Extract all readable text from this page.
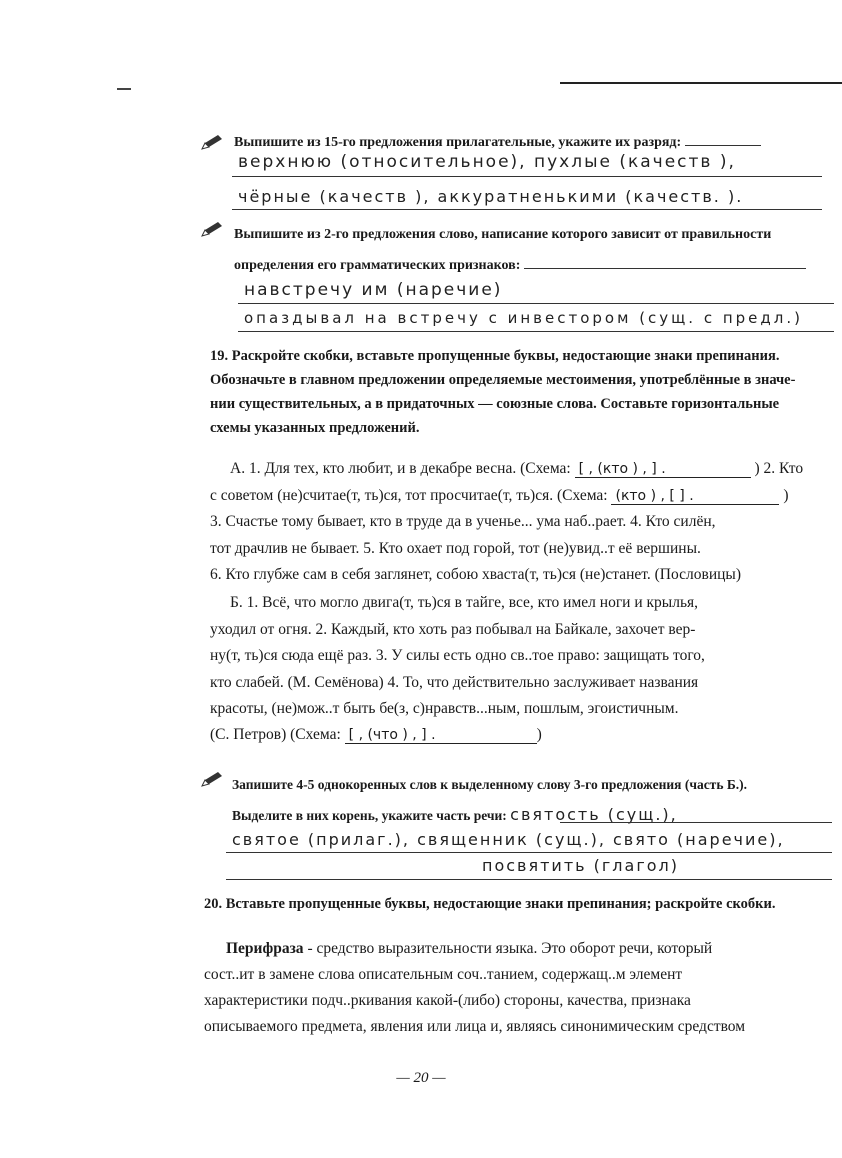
Выпишите из 15-го предложения прилагательные, укажите их разряд:
верхнюю (относительное), пухлые (качеств ),
чёрные (качеств ), аккуратненькими (качеств. ).
Выпишите из 2-го предложения слово, написание которого зависит от правильности
определения его грамматических признаков:
навстречу им (наречие)
опаздывал на встречу с инвестором (сущ. с предл.)
19. Раскройте скобки, вставьте пропущенные буквы, недостающие знаки препинания.
Обозначьте в главном предложении определяемые местоимения, употреблённые в значе-
нии существительных, а в придаточных — союзные слова. Составьте горизонтальные
схемы указанных предложений.
А. 1. Для тех, кто любит, и в декабре весна. (Схема: [ , (кто ) , ] .	) 2. Кто
с советом (не)считае(т, ть)ся, тот просчитае(т, ть)ся. (Схема: (кто ) , [ ] .	)
3. Счастье тому бывает, кто в труде да в ученье... ума наб..рает. 4. Кто силён,
тот драчлив не бывает. 5. Кто охает под горой, тот (не)увид..т её вершины.
6. Кто глубже сам в себя заглянет, собою хваста(т, ть)ся (не)станет. (Пословицы)
Б. 1. Всё, что могло двига(т, ть)ся в тайге, все, кто имел ноги и крылья,
уходил от огня. 2. Каждый, кто хоть раз побывал на Байкале, захочет вер-
ну(т, ть)ся сюда ещё раз. 3. У силы есть одно св..тое право: защищать того,
кто слабей. (М. Семёнова) 4. То, что действительно заслуживает названия
красоты, (не)мож..т быть бе(з, с)нравств...ным, пошлым, эгоистичным.
(С. Петров) (Схема: [ , (что ) , ] .	)
Запишите 4-5 однокоренных слов к выделенному слову 3-го предложения (часть Б.).
Выделите в них корень, укажите часть речи: святость (сущ.),
святое (прилаг.), священник (сущ.), свято (наречие),
посвятить (глагол)
20. Вставьте пропущенные буквы, недостающие знаки препинания; раскройте скобки.
Перифраза - средство выразительности языка. Это оборот речи, который
сост..ит в замене слова описательным соч..танием, содержащ..м элемент
характеристики подч..ркивания какой-(либо) стороны, качества, признака
описываемого предмета, явления или лица и, являясь синонимическим средством
— 20 —
